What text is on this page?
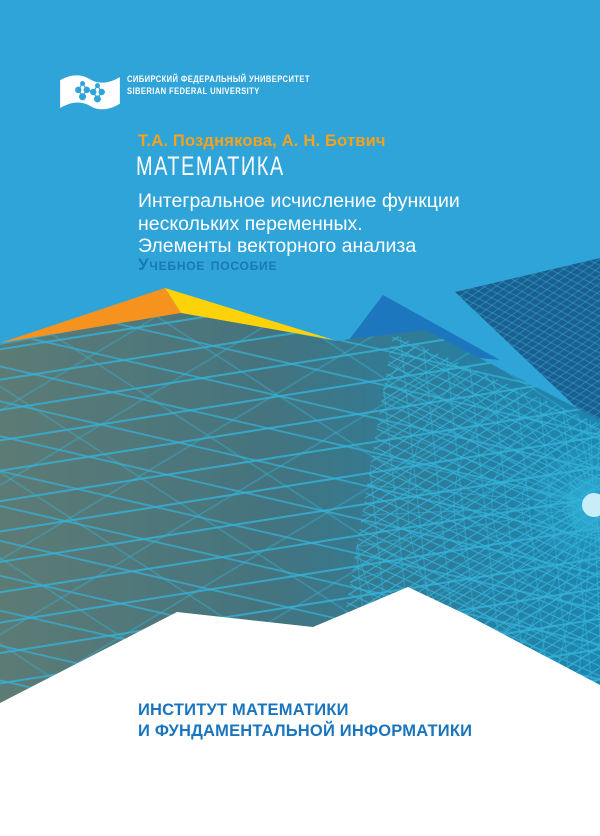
СИБИРСКИЙ ФЕДЕРАЛЬНЫЙ УНИВЕРСИТЕТ
SIBERIAN FEDERAL UNIVERSITY
Т.А. Позднякова, А. Н. Ботвич
МАТЕМАТИКА
Интегральное исчисление функции
нескольких переменных.
Элементы векторного анализа
Учебное пособие
ИНСТИТУТ МАТЕМАТИКИ
И ФУНДАМЕНТАЛЬНОЙ ИНФОРМАТИКИ
